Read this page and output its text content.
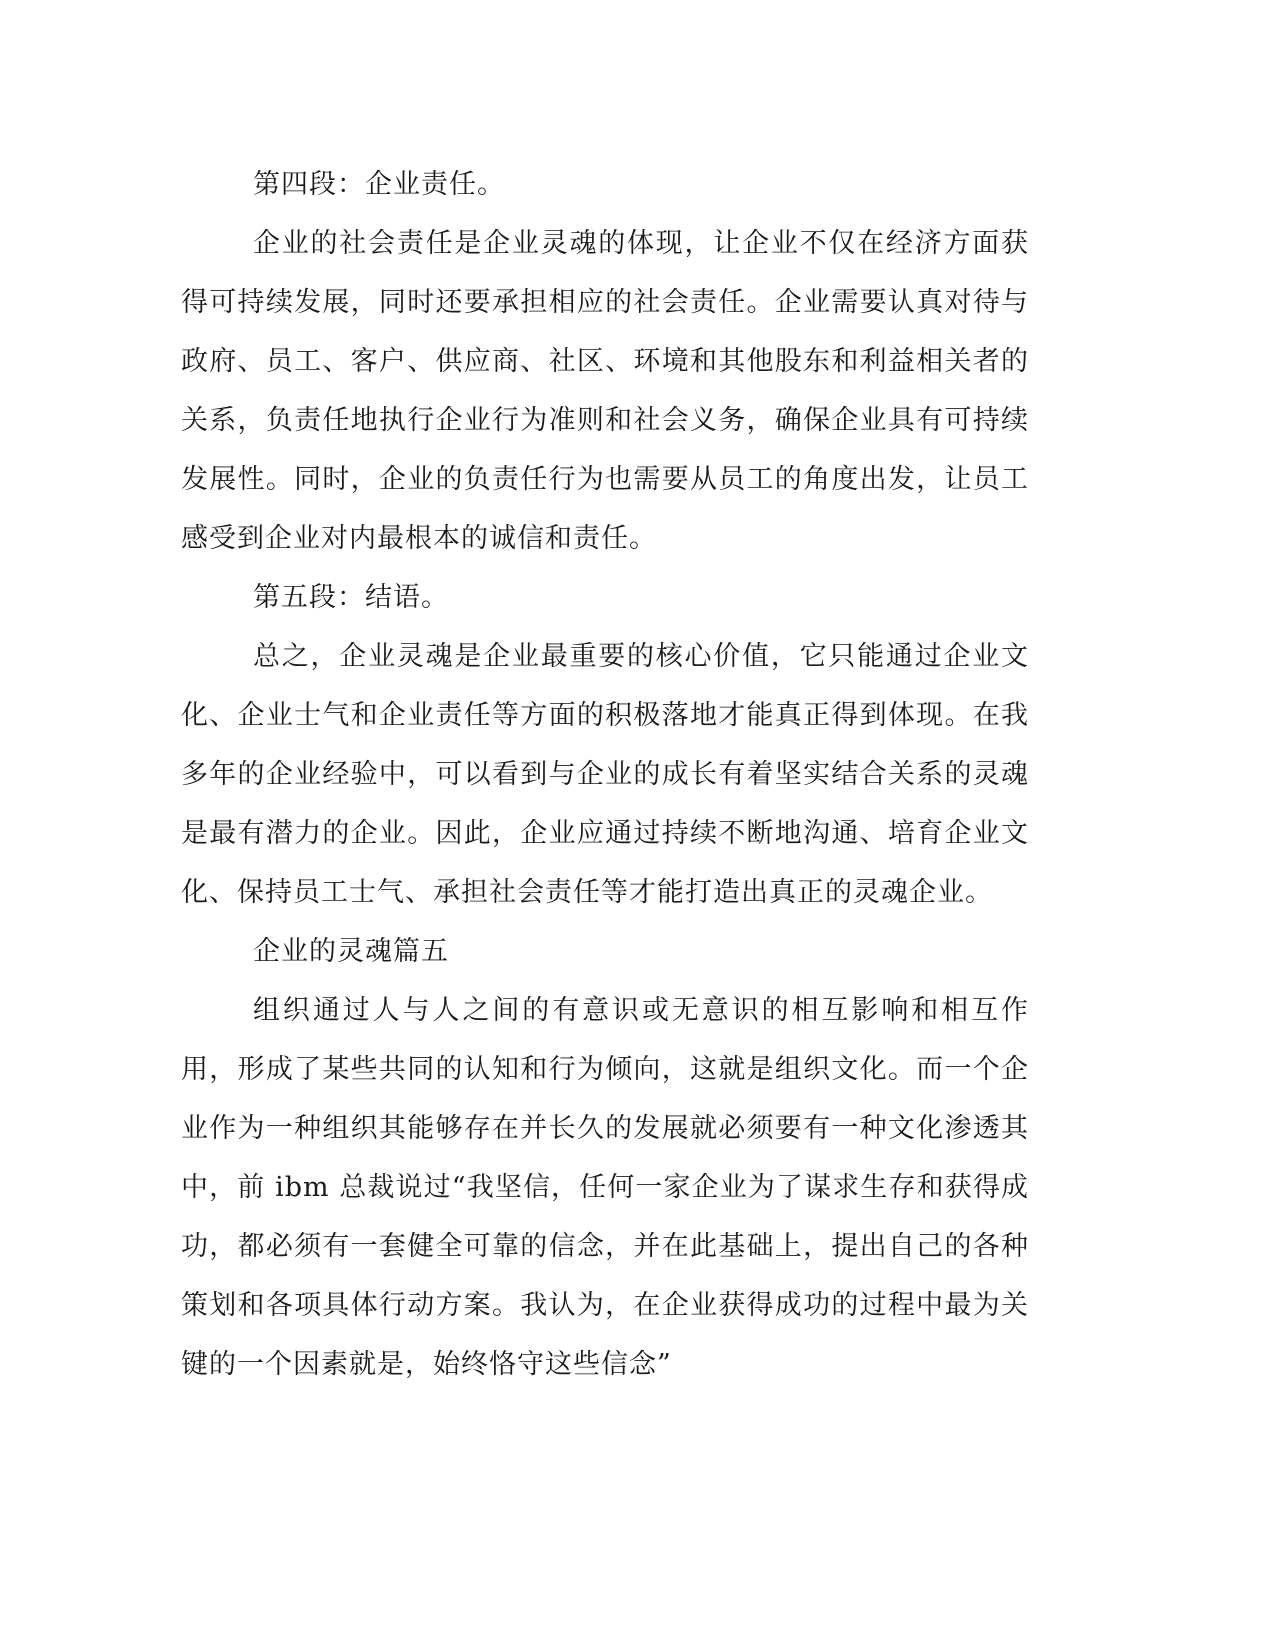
第四段：企业责任。

企业的社会责任是企业灵魂的体现，让企业不仅在经济方面获得可持续发展，同时还要承担相应的社会责任。企业需要认真对待与政府、员工、客户、供应商、社区、环境和其他股东和利益相关者的关系，负责任地执行企业行为准则和社会义务，确保企业具有可持续发展性。同时，企业的负责任行为也需要从员工的角度出发，让员工感受到企业对内最根本的诚信和责任。

第五段：结语。

总之，企业灵魂是企业最重要的核心价值，它只能通过企业文化、企业士气和企业责任等方面的积极落地才能真正得到体现。在我多年的企业经验中，可以看到与企业的成长有着坚实结合关系的灵魂是最有潜力的企业。因此，企业应通过持续不断地沟通、培育企业文化、保持员工士气、承担社会责任等才能打造出真正的灵魂企业。

企业的灵魂篇五

组织通过人与人之间的有意识或无意识的相互影响和相互作用，形成了某些共同的认知和行为倾向，这就是组织文化。而一个企业作为一种组织其能够存在并长久的发展就必须要有一种文化渗透其中，前 ibm 总裁说过“我坚信，任何一家企业为了谋求生存和获得成功，都必须有一套健全可靠的信念，并在此基础上，提出自己的各种策划和各项具体行动方案。我认为，在企业获得成功的过程中最为关键的一个因素就是，始终恪守这些信念”
